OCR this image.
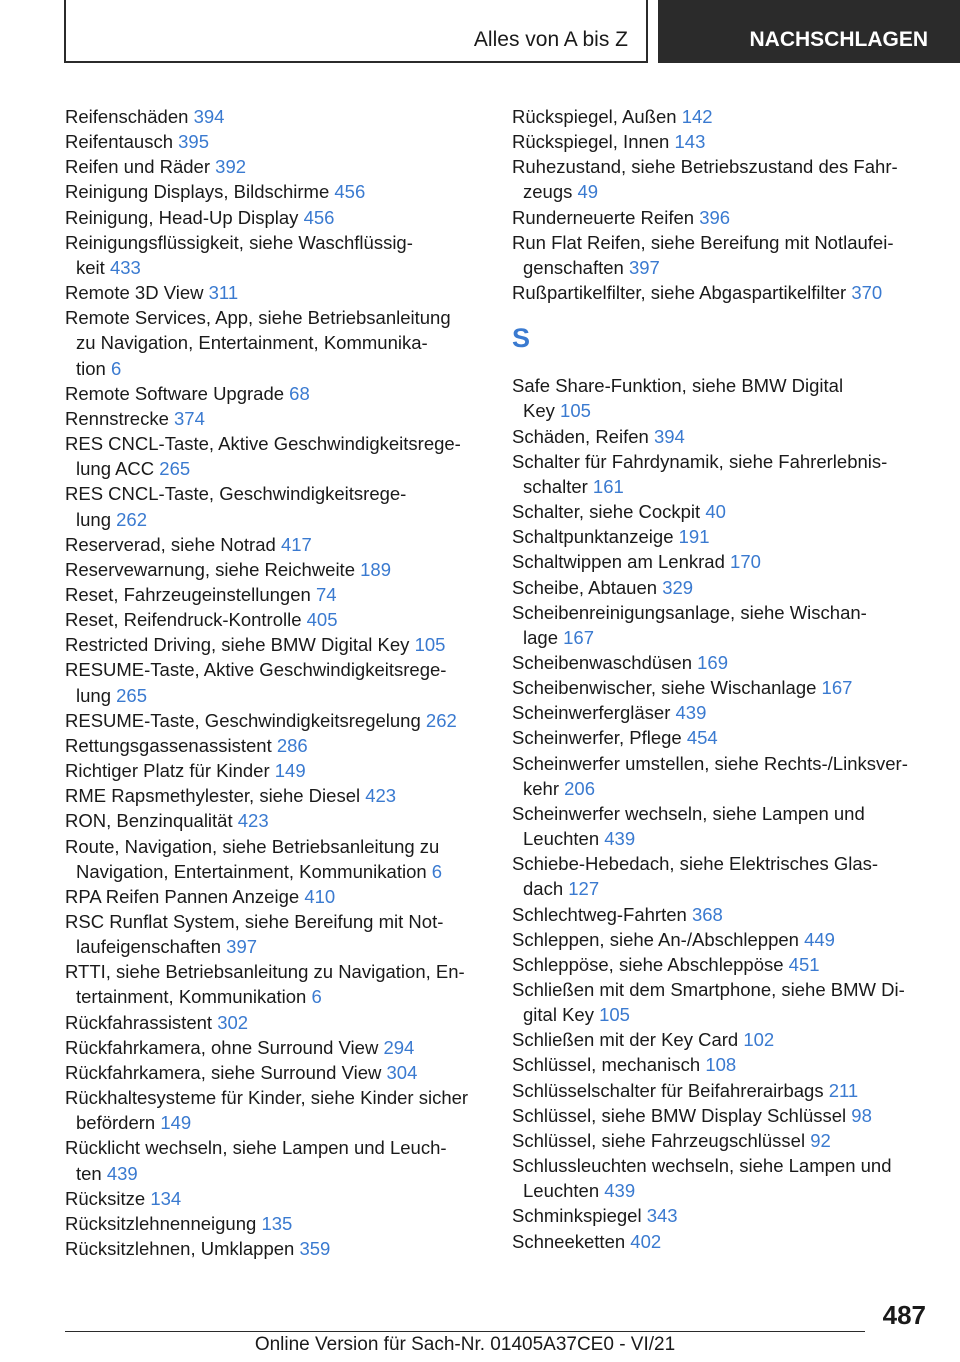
Alles von A bis Z	NACHSCHLAGEN
Reifenschäden 394
Reifentausch 395
Reifen und Räder 392
Reinigung Displays, Bildschirme 456
Reinigung, Head-Up Display 456
Reinigungsflüssigkeit, siehe Waschflüssig-
keit 433
Remote 3D View 311
Remote Services, App, siehe Betriebsanleitung
zu Navigation, Entertainment, Kommunika-
tion 6
Remote Software Upgrade 68
Rennstrecke 374
RES CNCL-Taste, Aktive Geschwindigkeitsrege-
lung ACC 265
RES CNCL-Taste, Geschwindigkeitsrege-
lung 262
Reserverad, siehe Notrad 417
Reservewarnung, siehe Reichweite 189
Reset, Fahrzeugeinstellungen 74
Reset, Reifendruck-Kontrolle 405
Restricted Driving, siehe BMW Digital Key 105
RESUME-Taste, Aktive Geschwindigkeitsrege-
lung 265
RESUME-Taste, Geschwindigkeitsregelung 262
Rettungsgassenassistent 286
Richtiger Platz für Kinder 149
RME Rapsmethylester, siehe Diesel 423
RON, Benzinqualität 423
Route, Navigation, siehe Betriebsanleitung zu
Navigation, Entertainment, Kommunikation 6
RPA Reifen Pannen Anzeige 410
RSC Runflat System, siehe Bereifung mit Not-
laufeigenschaften 397
RTTI, siehe Betriebsanleitung zu Navigation, En-
tertainment, Kommunikation 6
Rückfahrassistent 302
Rückfahrkamera, ohne Surround View 294
Rückfahrkamera, siehe Surround View 304
Rückhaltesysteme für Kinder, siehe Kinder sicher
befördern 149
Rücklicht wechseln, siehe Lampen und Leuch-
ten 439
Rücksitze 134
Rücksitzlehnenneigung 135
Rücksitzlehnen, Umklappen 359
Rückspiegel, Außen 142
Rückspiegel, Innen 143
Ruhezustand, siehe Betriebszustand des Fahr-
zeugs 49
Runderneuerte Reifen 396
Run Flat Reifen, siehe Bereifung mit Notlaufei-
genschaften 397
Rußpartikelfilter, siehe Abgaspartikelfilter 370
S
Safe Share-Funktion, siehe BMW Digital
Key 105
Schäden, Reifen 394
Schalter für Fahrdynamik, siehe Fahrerlebnis-
schalter 161
Schalter, siehe Cockpit 40
Schaltpunktanzeige 191
Schaltwippen am Lenkrad 170
Scheibe, Abtauen 329
Scheibenreinigungsanlage, siehe Wischan-
lage 167
Scheibenwaschdüsen 169
Scheibenwischer, siehe Wischanlage 167
Scheinwerfergläser 439
Scheinwerfer, Pflege 454
Scheinwerfer umstellen, siehe Rechts-/Linksver-
kehr 206
Scheinwerfer wechseln, siehe Lampen und
Leuchten 439
Schiebe-Hebedach, siehe Elektrisches Glas-
dach 127
Schlechtweg-Fahrten 368
Schleppen, siehe An-/Abschleppen 449
Schleppöse, siehe Abschleppöse 451
Schließen mit dem Smartphone, siehe BMW Di-
gital Key 105
Schließen mit der Key Card 102
Schlüssel, mechanisch 108
Schlüsselschalter für Beifahrerairbags 211
Schlüssel, siehe BMW Display Schlüssel 98
Schlüssel, siehe Fahrzeugschlüssel 92
Schlussleuchten wechseln, siehe Lampen und
Leuchten 439
Schminkspiegel 343
Schneeketten 402
487
Online Version für Sach-Nr. 01405A37CE0 - VI/21
